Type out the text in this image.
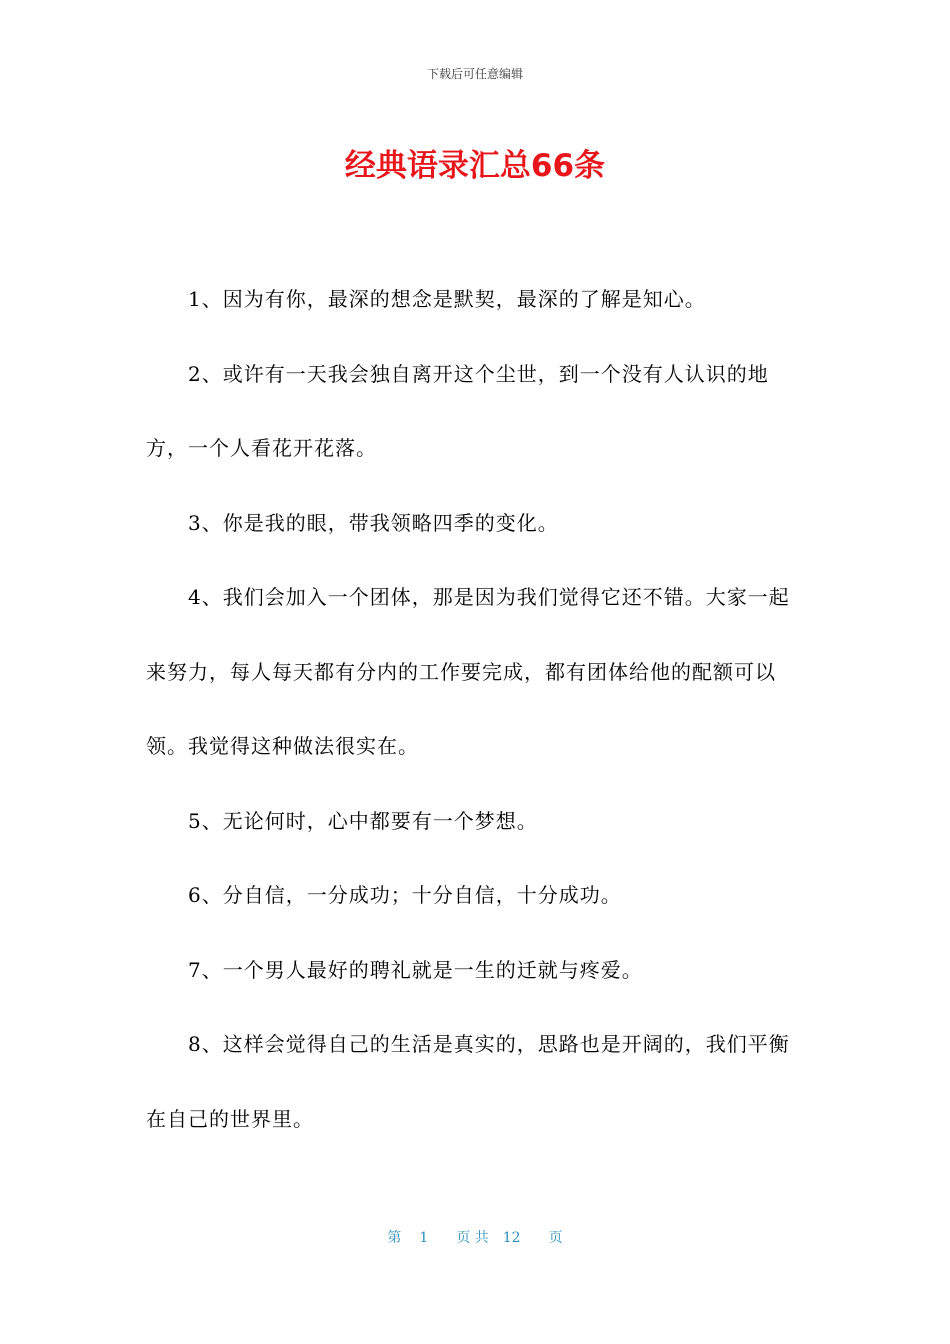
下载后可任意编辑
经典语录汇总66条

1、因为有你，最深的想念是默契，最深的了解是知心。

2、或许有一天我会独自离开这个尘世，到一个没有人认识的地方，一个人看花开花落。

3、你是我的眼，带我领略四季的变化。

4、我们会加入一个团体，那是因为我们觉得它还不错。大家一起来努力，每人每天都有分内的工作要完成，都有团体给他的配额可以领。我觉得这种做法很实在。

5、无论何时，心中都要有一个梦想。

6、分自信，一分成功；十分自信，十分成功。

7、一个男人最好的聘礼就是一生的迁就与疼爱。

8、这样会觉得自己的生活是真实的，思路也是开阔的，我们平衡在自己的世界里。

第 1 页 共 12 页
